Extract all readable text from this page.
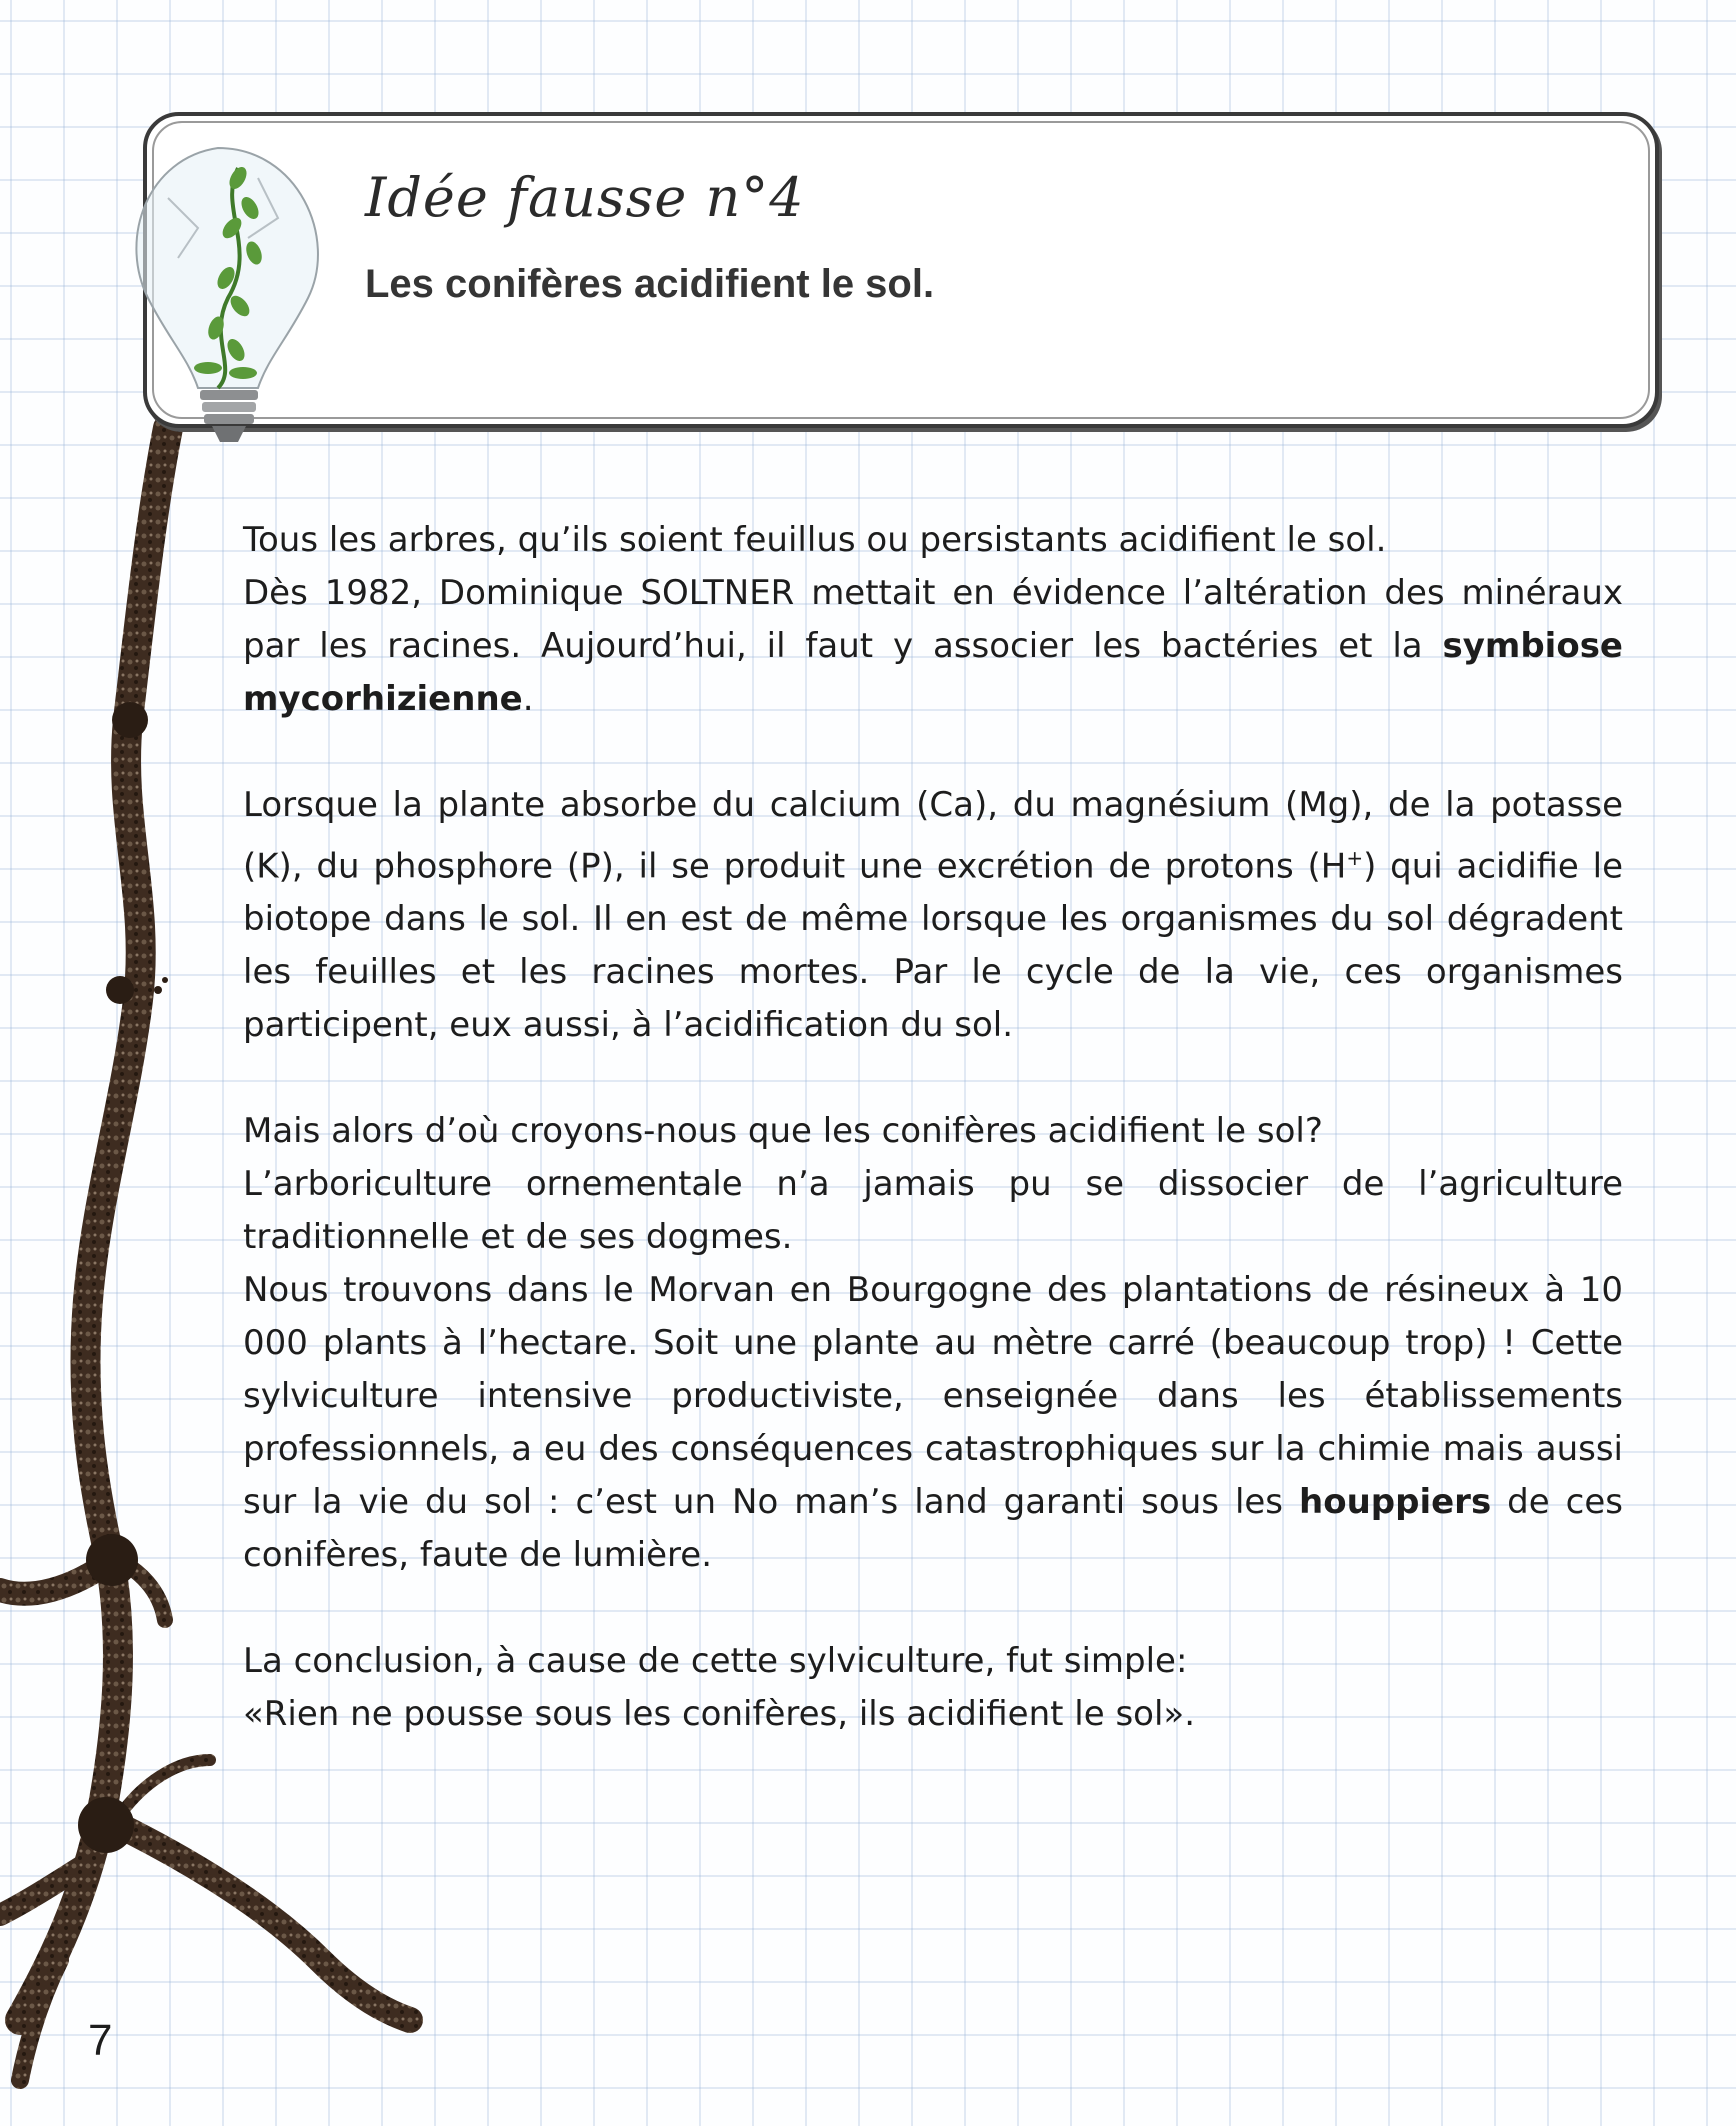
Idée fausse n°4
Les conifères acidifient le sol.

Tous les arbres, qu’ils soient feuillus ou persistants acidifient le sol.
Dès 1982, Dominique SOLTNER mettait en évidence l’altération des minéraux par les racines. Aujourd’hui, il faut y associer les bactéries et la symbiose mycorhizienne.

Lorsque la plante absorbe du calcium (Ca), du magnésium (Mg), de la potasse (K), du phosphore (P), il se produit une excrétion de protons (H+) qui acidifie le biotope dans le sol. Il en est de même lorsque les organismes du sol dégradent les feuilles et les racines mortes. Par le cycle de la vie, ces organismes participent, eux aussi, à l’acidification du sol.

Mais alors d’où croyons-nous que les conifères acidifient le sol?
L’arboriculture ornementale n’a jamais pu se dissocier de l’agriculture traditionnelle et de ses dogmes.
Nous trouvons dans le Morvan en Bourgogne des plantations de résineux à 10 000 plants à l’hectare. Soit une plante au mètre carré (beaucoup trop) ! Cette sylviculture intensive productiviste, enseignée dans les établissements professionnels, a eu des conséquences catastrophiques sur la chimie mais aussi sur la vie du sol : c’est un No man’s land garanti sous les houppiers de ces conifères, faute de lumière.

La conclusion, à cause de cette sylviculture, fut simple:
«Rien ne pousse sous les conifères, ils acidifient le sol».

7
